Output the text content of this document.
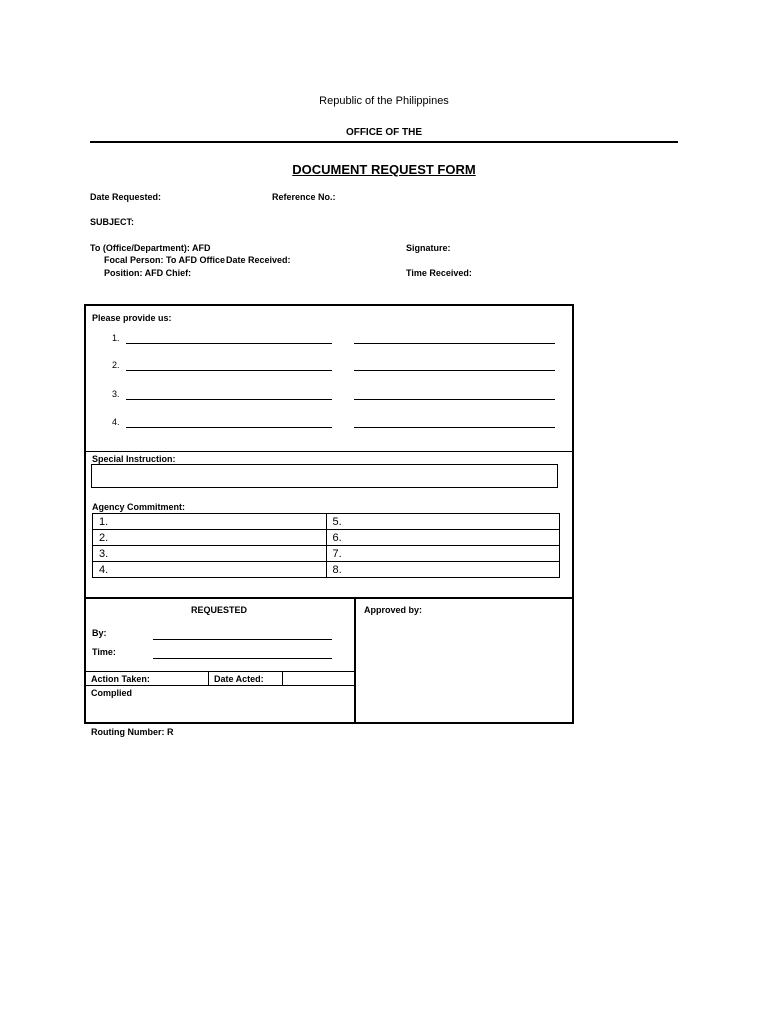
Republic of the Philippines
OFFICE OF THE
DOCUMENT REQUEST FORM
Date Requested:	Reference No.:
SUBJECT:
To (Office/Department): AFD
Focal Person: To AFD Office Date Received:
Position: AFD Chief:
Signature:
Time Received:
Please provide us:
1.
2.
3.
4.
Special Instruction:
Agency Commitment:
1.	5.
2.	6.
3.	7.
4.	8.
REQUESTED
By:
Time:
Action Taken:	Date Acted:
Complied
Approved by:
Routing Number: R
